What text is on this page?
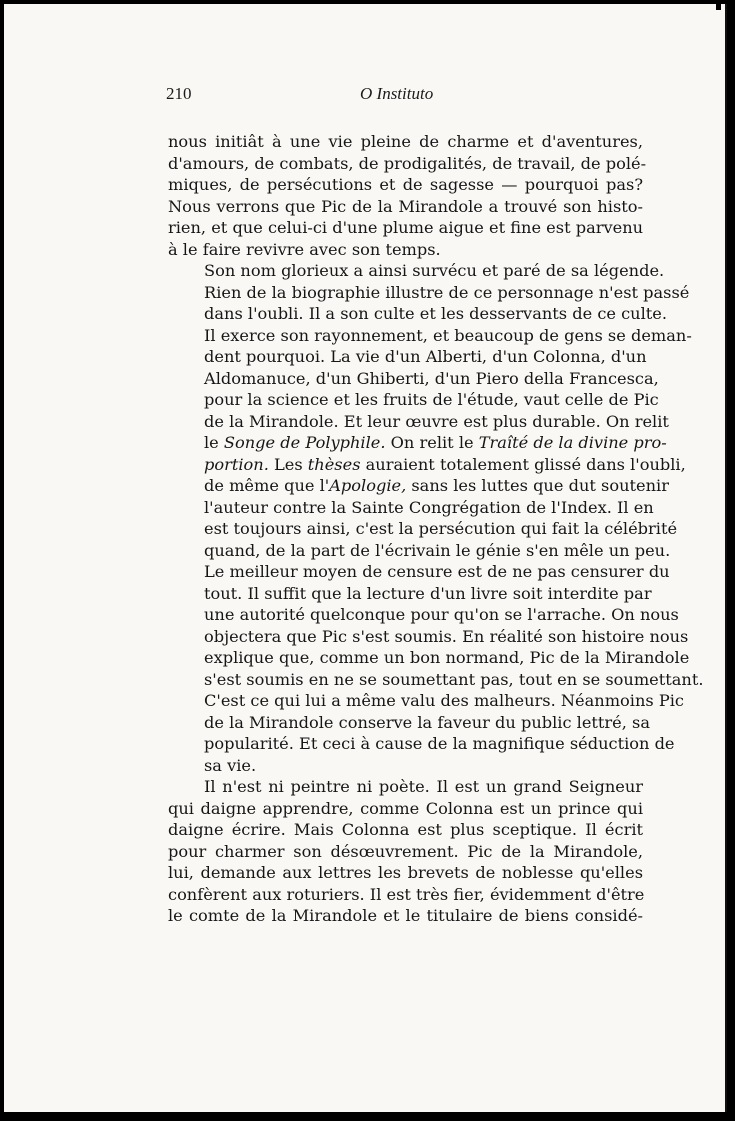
210	O Instituto

nous initiât à une vie pleine de charme et d'aventures,
d'amours, de combats, de prodigalités, de travail, de polé-
miques, de persécutions et de sagesse — pourquoi pas?
Nous verrons que Pic de la Mirandole a trouvé son histo-
rien, et que celui-ci d'une plume aigue et fine est parvenu
à le faire revivre avec son temps.

Son nom glorieux a ainsi survécu et paré de sa légende.
Rien de la biographie illustre de ce personnage n'est passé
dans l'oubli. Il a son culte et les desservants de ce culte.
Il exerce son rayonnement, et beaucoup de gens se deman-
dent pourquoi. La vie d'un Alberti, d'un Colonna, d'un
Aldomanuce, d'un Ghiberti, d'un Piero della Francesca,
pour la science et les fruits de l'étude, vaut celle de Pic
de la Mirandole. Et leur œuvre est plus durable. On relit
le Songe de Polyphile. On relit le Traîté de la divine pro-
portion. Les thèses auraient totalement glissé dans l'oubli,
de même que l'Apologie, sans les luttes que dut soutenir
l'auteur contre la Sainte Congrégation de l'Index. Il en
est toujours ainsi, c'est la persécution qui fait la célébrité
quand, de la part de l'écrivain le génie s'en mêle un peu.
Le meilleur moyen de censure est de ne pas censurer du
tout. Il suffit que la lecture d'un livre soit interdite par
une autorité quelconque pour qu'on se l'arrache. On nous
objectera que Pic s'est soumis. En réalité son histoire nous
explique que, comme un bon normand, Pic de la Mirandole
s'est soumis en ne se soumettant pas, tout en se soumettant.
C'est ce qui lui a même valu des malheurs. Néanmoins Pic
de la Mirandole conserve la faveur du public lettré, sa
popularité. Et ceci à cause de la magnifique séduction de
sa vie.

Il n'est ni peintre ni poète. Il est un grand Seigneur
qui daigne apprendre, comme Colonna est un prince qui
daigne écrire. Mais Colonna est plus sceptique. Il écrit
pour charmer son désœuvrement. Pic de la Mirandole,
lui, demande aux lettres les brevets de noblesse qu'elles
confèrent aux roturiers. Il est très fier, évidemment d'être
le comte de la Mirandole et le titulaire de biens considé-
